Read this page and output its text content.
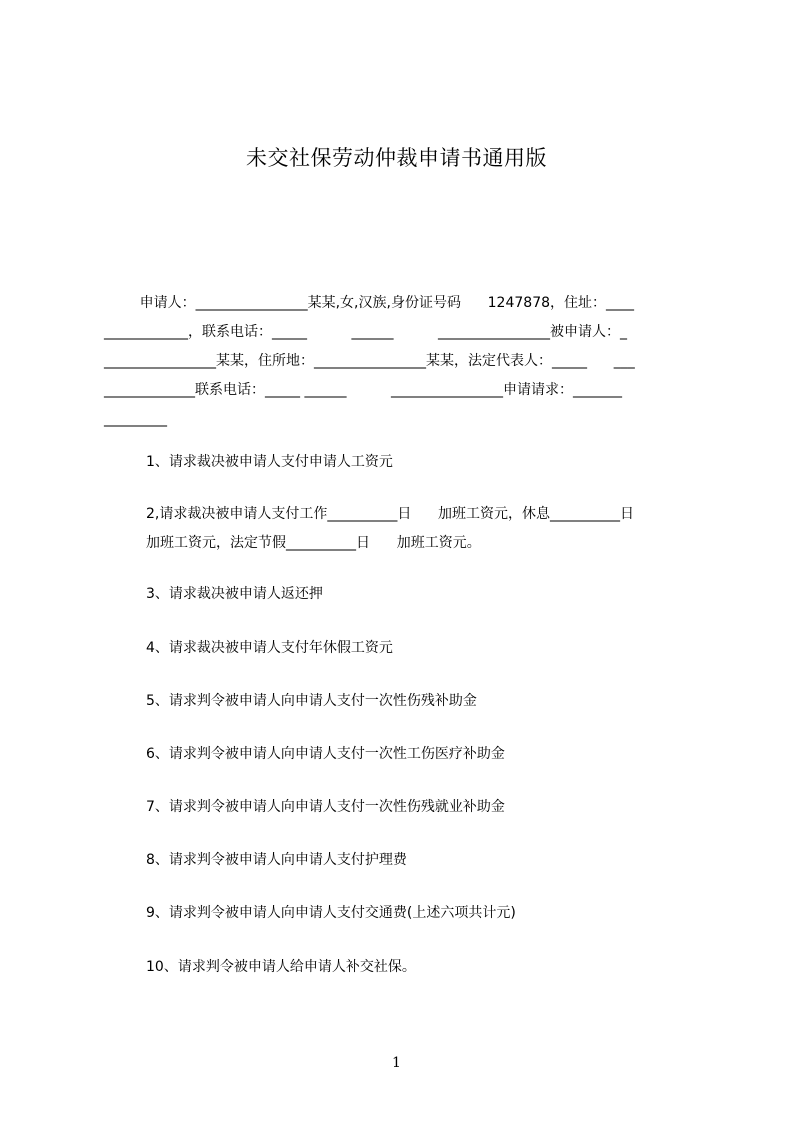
未交社保劳动仲裁申请书通用版
申请人：________________某某,女,汉族,身份证号码      1247878，住址：____
____________，联系电话：_____          ______          ________________被申请人：_
________________某某，住所地：________________某某，法定代表人：_____      ___
_____________联系电话：_____ ______          ________________申请请求：_______
_________

1、请求裁决被申请人支付申请人工资元

2,请求裁决被申请人支付工作__________日      加班工资元，休息__________日
加班工资元，法定节假__________日      加班工资元。

3、请求裁决被申请人返还押

4、请求裁决被申请人支付年休假工资元

5、请求判令被申请人向申请人支付一次性伤残补助金

6、请求判令被申请人向申请人支付一次性工伤医疗补助金

7、请求判令被申请人向申请人支付一次性伤残就业补助金

8、请求判令被申请人向申请人支付护理费

9、请求判令被申请人向申请人支付交通费(上述六项共计元)

10、请求判令被申请人给申请人补交社保。

1
